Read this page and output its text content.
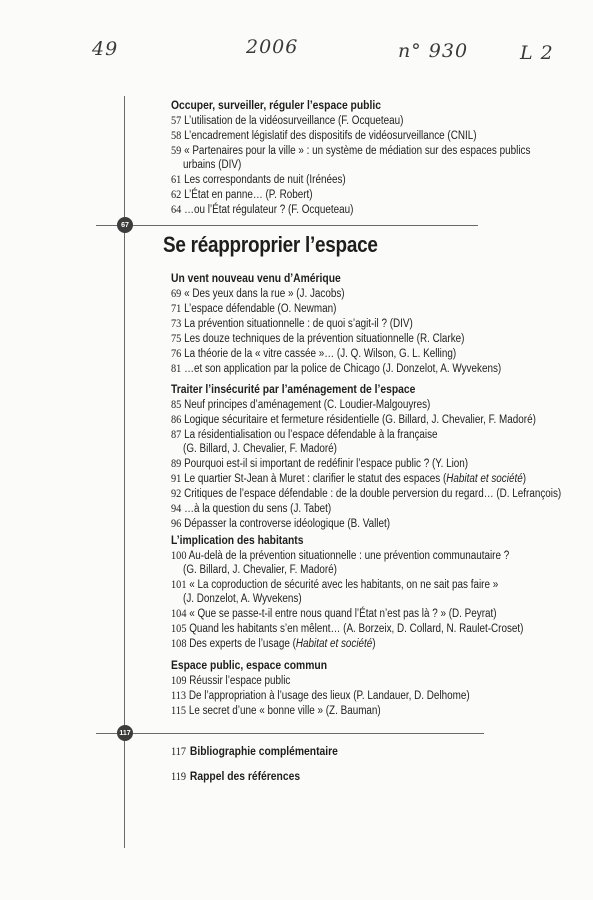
49	2006	n° 930	L 2
67
117
Occuper, surveiller, réguler l’espace public
57 L’utilisation de la vidéosurveillance (F. Ocqueteau)
58 L’encadrement législatif des dispositifs de vidéosurveillance (CNIL)
59 « Partenaires pour la ville » : un système de médiation sur des espaces publics
urbains (DIV)
61 Les correspondants de nuit (Irénées)
62 L’État en panne… (P. Robert)
64 …ou l’État régulateur ? (F. Ocqueteau)
Se réapproprier l’espace
Un vent nouveau venu d’Amérique
69 « Des yeux dans la rue » (J. Jacobs)
71 L’espace défendable (O. Newman)
73 La prévention situationnelle : de quoi s’agit-il ? (DIV)
75 Les douze techniques de la prévention situationnelle (R. Clarke)
76 La théorie de la « vitre cassée »… (J. Q. Wilson, G. L. Kelling)
81 …et son application par la police de Chicago (J. Donzelot, A. Wyvekens)
Traiter l’insécurité par l’aménagement de l’espace
85 Neuf principes d’aménagement (C. Loudier-Malgouyres)
86 Logique sécuritaire et fermeture résidentielle (G. Billard, J. Chevalier, F. Madoré)
87 La résidentialisation ou l’espace défendable à la française
(G. Billard, J. Chevalier, F. Madoré)
89 Pourquoi est-il si important de redéfinir l’espace public ? (Y. Lion)
91 Le quartier St-Jean à Muret : clarifier le statut des espaces (Habitat et société)
92 Critiques de l’espace défendable : de la double perversion du regard… (D. Lefrançois)
94 …à la question du sens (J. Tabet)
96 Dépasser la controverse idéologique (B. Vallet)
L’implication des habitants
100 Au-delà de la prévention situationnelle : une prévention communautaire ?
(G. Billard, J. Chevalier, F. Madoré)
101 « La coproduction de sécurité avec les habitants, on ne sait pas faire »
(J. Donzelot, A. Wyvekens)
104 « Que se passe-t-il entre nous quand l’État n’est pas là ? » (D. Peyrat)
105 Quand les habitants s’en mêlent… (A. Borzeix, D. Collard, N. Raulet-Croset)
108 Des experts de l’usage (Habitat et société)
Espace public, espace commun
109 Réussir l’espace public
113 De l’appropriation à l’usage des lieux (P. Landauer, D. Delhome)
115 Le secret d’une « bonne ville » (Z. Bauman)
117 Bibliographie complémentaire
119 Rappel des références
